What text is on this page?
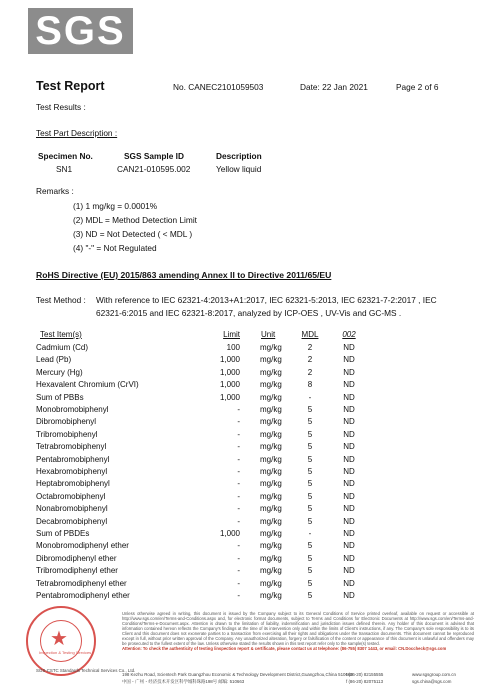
SGS
Test Report	No. CANEC2101059503	Date: 22 Jan 2021	Page 2 of 6
Test Results :
Test Part Description :
Specimen No.	SGS Sample ID	Description
SN1	CAN21-010595.002	Yellow liquid
Remarks :
(1) 1 mg/kg = 0.0001%
(2) MDL = Method Detection Limit
(3) ND = Not Detected ( < MDL )
(4) "-" = Not Regulated
RoHS Directive (EU) 2015/863 amending Annex II to Directive 2011/65/EU
Test Method : With reference to IEC 62321-4:2013+A1:2017, IEC 62321-5:2013, IEC 62321-7-2:2017 , IEC
62321-6:2015 and IEC 62321-8:2017, analyzed by ICP-OES , UV-Vis and GC-MS .
Test Item(s)	Limit	Unit	MDL	002
Cadmium (Cd)	100	mg/kg	2	ND
Lead (Pb)	1,000	mg/kg	2	ND
Mercury (Hg)	1,000	mg/kg	2	ND
Hexavalent Chromium (CrVI)	1,000	mg/kg	8	ND
Sum of PBBs	1,000	mg/kg	-	ND
Monobromobiphenyl	-	mg/kg	5	ND
Dibromobiphenyl	-	mg/kg	5	ND
Tribromobiphenyl	-	mg/kg	5	ND
Tetrabromobiphenyl	-	mg/kg	5	ND
Pentabromobiphenyl	-	mg/kg	5	ND
Hexabromobiphenyl	-	mg/kg	5	ND
Heptabromobiphenyl	-	mg/kg	5	ND
Octabromobiphenyl	-	mg/kg	5	ND
Nonabromobiphenyl	-	mg/kg	5	ND
Decabromobiphenyl	-	mg/kg	5	ND
Sum of PBDEs	1,000	mg/kg	-	ND
Monobromodiphenyl ether	-	mg/kg	5	ND
Dibromodiphenyl ether	-	mg/kg	5	ND
Tribromodiphenyl ether	-	mg/kg	5	ND
Tetrabromodiphenyl ether	-	mg/kg	5	ND
Pentabromodiphenyl ether	-	mg/kg	5	ND
★
Inspection & Testing Services
SGS-CSTC Standards Technical Services Co., Ltd.
Unless otherwise agreed in writing, this document is issued by the Company subject to its General Conditions of Service printed overleaf, available on request or accessible at http://www.sgs.com/en/Terms-and-Conditions.aspx and, for electronic format documents, subject to Terms and Conditions for Electronic Documents at http://www.sgs.com/en/Terms-and-Conditions/Terms-e-Document.aspx. Attention is drawn to the limitation of liability, indemnification and jurisdiction issues defined therein. Any holder of this document is advised that information contained hereon reflects the Company's findings at the time of its intervention only and within the limits of Client's instructions, if any. The Company's sole responsibility is to its Client and this document does not exonerate parties to a transaction from exercising all their rights and obligations under the transaction documents. This document cannot be reproduced except in full, without prior written approval of the Company. Any unauthorized alteration, forgery or falsification of the content or appearance of this document is unlawful and offenders may be prosecuted to the fullest extent of the law. Unless otherwise stated the results shown in this test report refer only to the sample(s) tested.
Attention: To check the authenticity of testing /inspection report & certificate, please contact us at telephone: (86-755) 8307 1443, or email: CN.Doccheck@sgs.com
198 Kezhu Road, Scientech Park Guangzhou Economic & Technology Development District,Guangzhou,China 510663
中国・广州・经济技术开发区科学城科珠路198号 邮编: 510663
t (86-20) 82155555
f (86-20) 82075113
www.sgsgroup.com.cn
sgs.china@sgs.com
